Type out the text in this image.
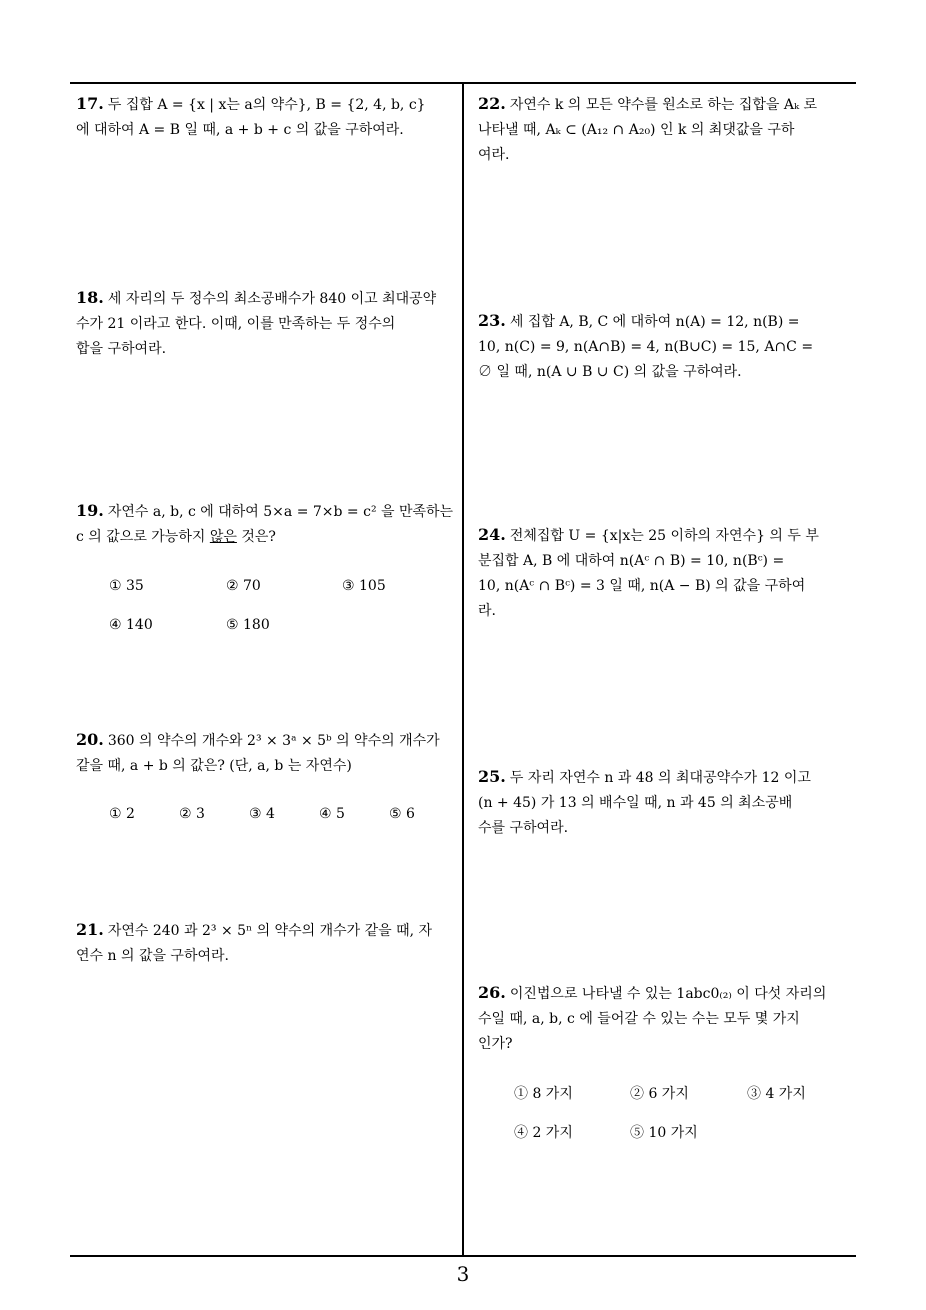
17. 두 집합 A = {x | x는 a의 약수}, B = {2, 4, b, c}
에 대하여 A = B 일 때, a + b + c 의 값을 구하여라.
18. 세 자리의 두 정수의 최소공배수가 840 이고 최대공약
수가 21 이라고 한다. 이때, 이를 만족하는 두 정수의
합을 구하여라.
19. 자연수 a, b, c 에 대하여 5×a = 7×b = c² 을 만족하는
c 의 값으로 가능하지 않은 것은?
① 35	② 70	③ 105
④ 140	⑤ 180
20. 360 의 약수의 개수와 2³ × 3ᵃ × 5ᵇ 의 약수의 개수가
같을 때, a + b 의 값은? (단, a, b 는 자연수)
① 2	② 3	③ 4	④ 5	⑤ 6
21. 자연수 240 과 2³ × 5ⁿ 의 약수의 개수가 같을 때, 자
연수 n 의 값을 구하여라.
22. 자연수 k 의 모든 약수를 원소로 하는 집합을 Aₖ 로
나타낼 때, Aₖ ⊂ (A₁₂ ∩ A₂₀) 인 k 의 최댓값을 구하
여라.
23. 세 집합 A, B, C 에 대하여 n(A) = 12, n(B) =
10, n(C) = 9, n(A∩B) = 4, n(B∪C) = 15, A∩C =
∅ 일 때, n(A ∪ B ∪ C) 의 값을 구하여라.
24. 전체집합 U = {x|x는 25 이하의 자연수} 의 두 부
분집합 A, B 에 대하여 n(Aᶜ ∩ B) = 10, n(Bᶜ) =
10, n(Aᶜ ∩ Bᶜ) = 3 일 때, n(A − B) 의 값을 구하여
라.
25. 두 자리 자연수 n 과 48 의 최대공약수가 12 이고
(n + 45) 가 13 의 배수일 때, n 과 45 의 최소공배
수를 구하여라.
26. 이진법으로 나타낼 수 있는 1abc0₍₂₎ 이 다섯 자리의
수일 때, a, b, c 에 들어갈 수 있는 수는 모두 몇 가지
인가?
① 8 가지	② 6 가지	③ 4 가지
④ 2 가지	⑤ 10 가지
3
